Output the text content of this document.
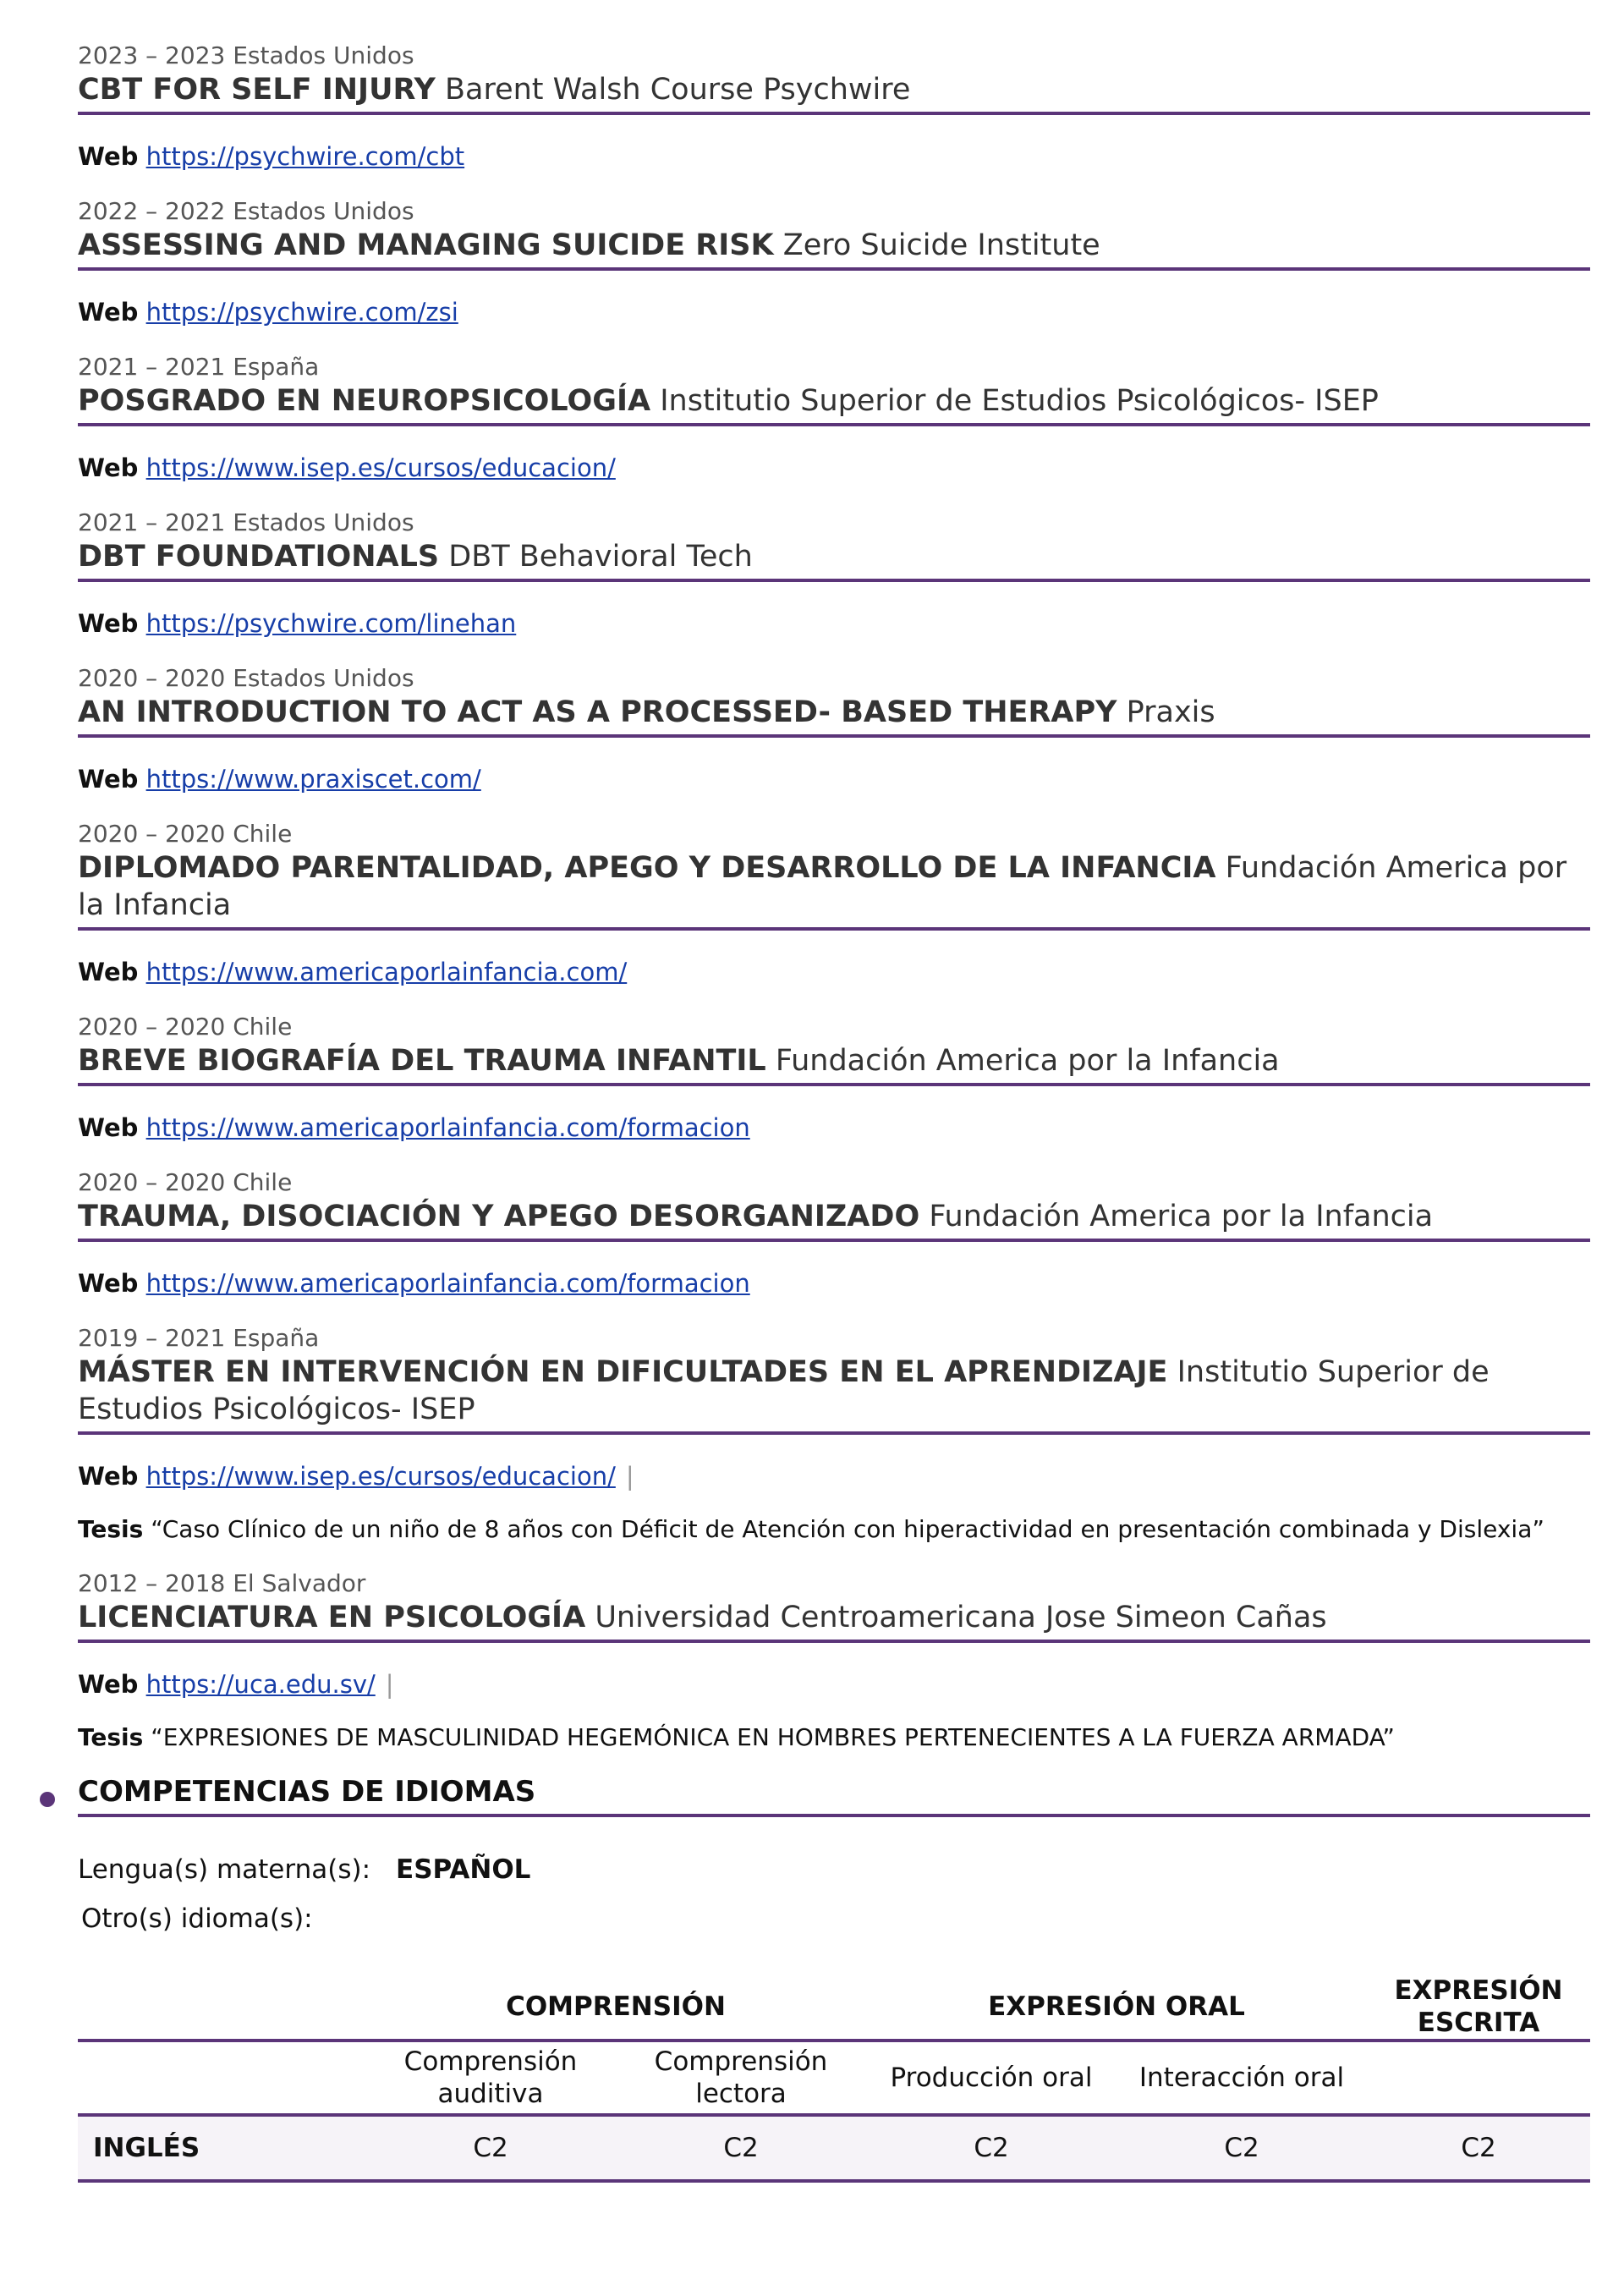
2023 – 2023 Estados Unidos
CBT FOR SELF INJURY Barent Walsh Course Psychwire
Web https://psychwire.com/cbt
2022 – 2022 Estados Unidos
ASSESSING AND MANAGING SUICIDE RISK Zero Suicide Institute
Web https://psychwire.com/zsi
2021 – 2021 España
POSGRADO EN NEUROPSICOLOGÍA Institutio Superior de Estudios Psicológicos- ISEP
Web https://www.isep.es/cursos/educacion/
2021 – 2021 Estados Unidos
DBT FOUNDATIONALS DBT Behavioral Tech
Web https://psychwire.com/linehan
2020 – 2020 Estados Unidos
AN INTRODUCTION TO ACT AS A PROCESSED- BASED THERAPY Praxis
Web https://www.praxiscet.com/
2020 – 2020 Chile
DIPLOMADO PARENTALIDAD, APEGO Y DESARROLLO DE LA INFANCIA Fundación America por la Infancia
Web https://www.americaporlainfancia.com/
2020 – 2020 Chile
BREVE BIOGRAFÍA DEL TRAUMA INFANTIL Fundación America por la Infancia
Web https://www.americaporlainfancia.com/formacion
2020 – 2020 Chile
TRAUMA, DISOCIACIÓN Y APEGO DESORGANIZADO Fundación America por la Infancia
Web https://www.americaporlainfancia.com/formacion
2019 – 2021 España
MÁSTER EN INTERVENCIÓN EN DIFICULTADES EN EL APRENDIZAJE Institutio Superior de Estudios Psicológicos- ISEP
Web https://www.isep.es/cursos/educacion/ |
Tesis “Caso Clínico de un niño de 8 años con Déficit de Atención con hiperactividad en presentación combinada y Dislexia”
2012 – 2018 El Salvador
LICENCIATURA EN PSICOLOGÍA Universidad Centroamericana Jose Simeon Cañas
Web https://uca.edu.sv/ |
Tesis “EXPRESIONES DE MASCULINIDAD HEGEMÓNICA EN HOMBRES PERTENECIENTES A LA FUERZA ARMADA”
COMPETENCIAS DE IDIOMAS
Lengua(s) materna(s): ESPAÑOL
Otro(s) idioma(s):
	COMPRENSIÓN		EXPRESIÓN ORAL		EXPRESIÓN ESCRITA
	Comprensión auditiva	Comprensión lectora	Producción oral	Interacción oral	
INGLÉS	C2	C2	C2	C2	C2
